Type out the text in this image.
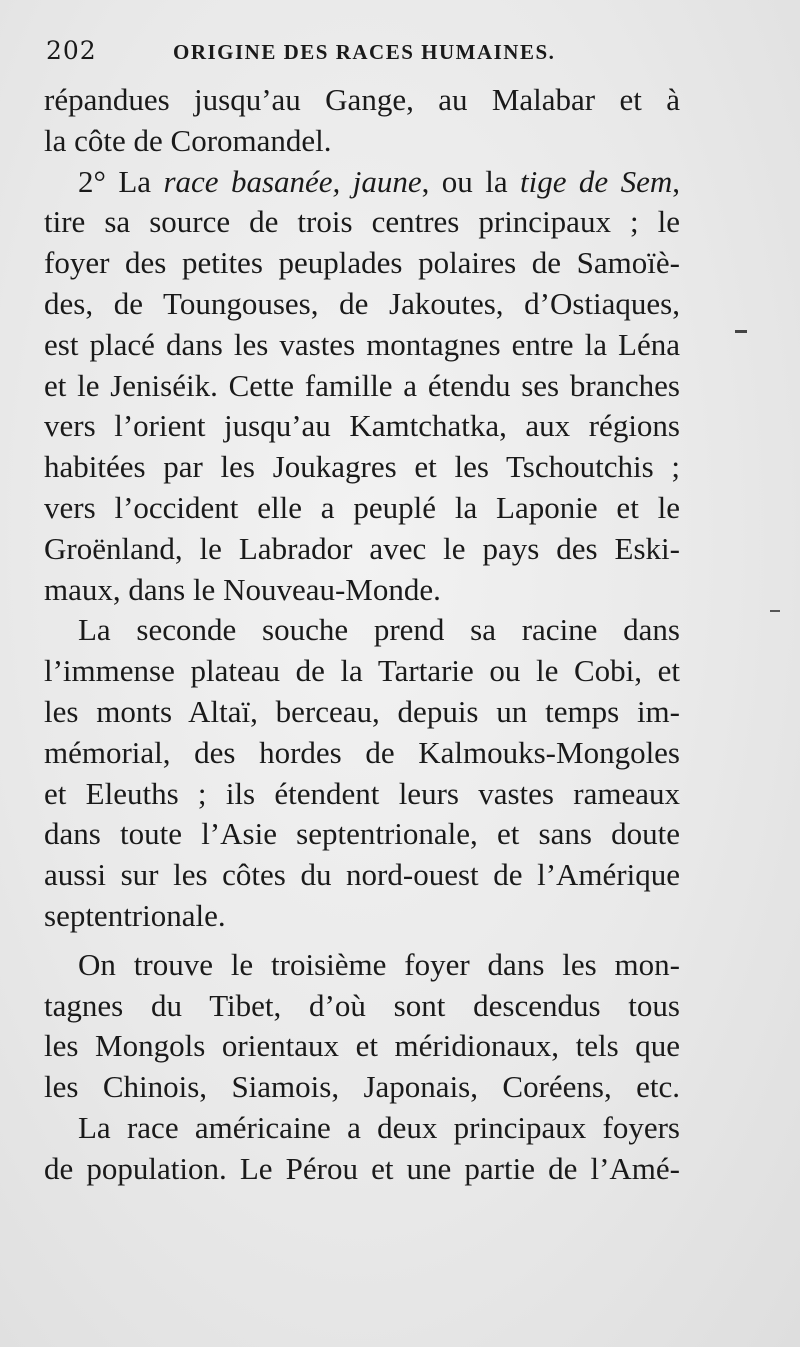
202	ORIGINE DES RACES HUMAINES.
répandues jusqu’au Gange, au Malabar et à
la côte de Coromandel.
2° La race basanée, jaune, ou la tige de Sem,
tire sa source de trois centres principaux ; le
foyer des petites peuplades polaires de Samoïè-
des, de Toungouses, de Jakoutes, d’Ostiaques,
est placé dans les vastes montagnes entre la Léna
et le Jeniséik. Cette famille a étendu ses branches
vers l’orient jusqu’au Kamtchatka, aux régions
habitées par les Joukagres et les Tschoutchis ;
vers l’occident elle a peuplé la Laponie et le
Groënland, le Labrador avec le pays des Eski-
maux, dans le Nouveau-Monde.
La seconde souche prend sa racine dans
l’immense plateau de la Tartarie ou le Cobi, et
les monts Altaï, berceau, depuis un temps im-
mémorial, des hordes de Kalmouks-Mongoles
et Eleuths ; ils étendent leurs vastes rameaux
dans toute l’Asie septentrionale, et sans doute
aussi sur les côtes du nord-ouest de l’Amérique
septentrionale.
On trouve le troisième foyer dans les mon-
tagnes du Tibet, d’où sont descendus tous
les Mongols orientaux et méridionaux, tels que
les Chinois, Siamois, Japonais, Coréens, etc.
La race américaine a deux principaux foyers
de population. Le Pérou et une partie de l’Amé-
